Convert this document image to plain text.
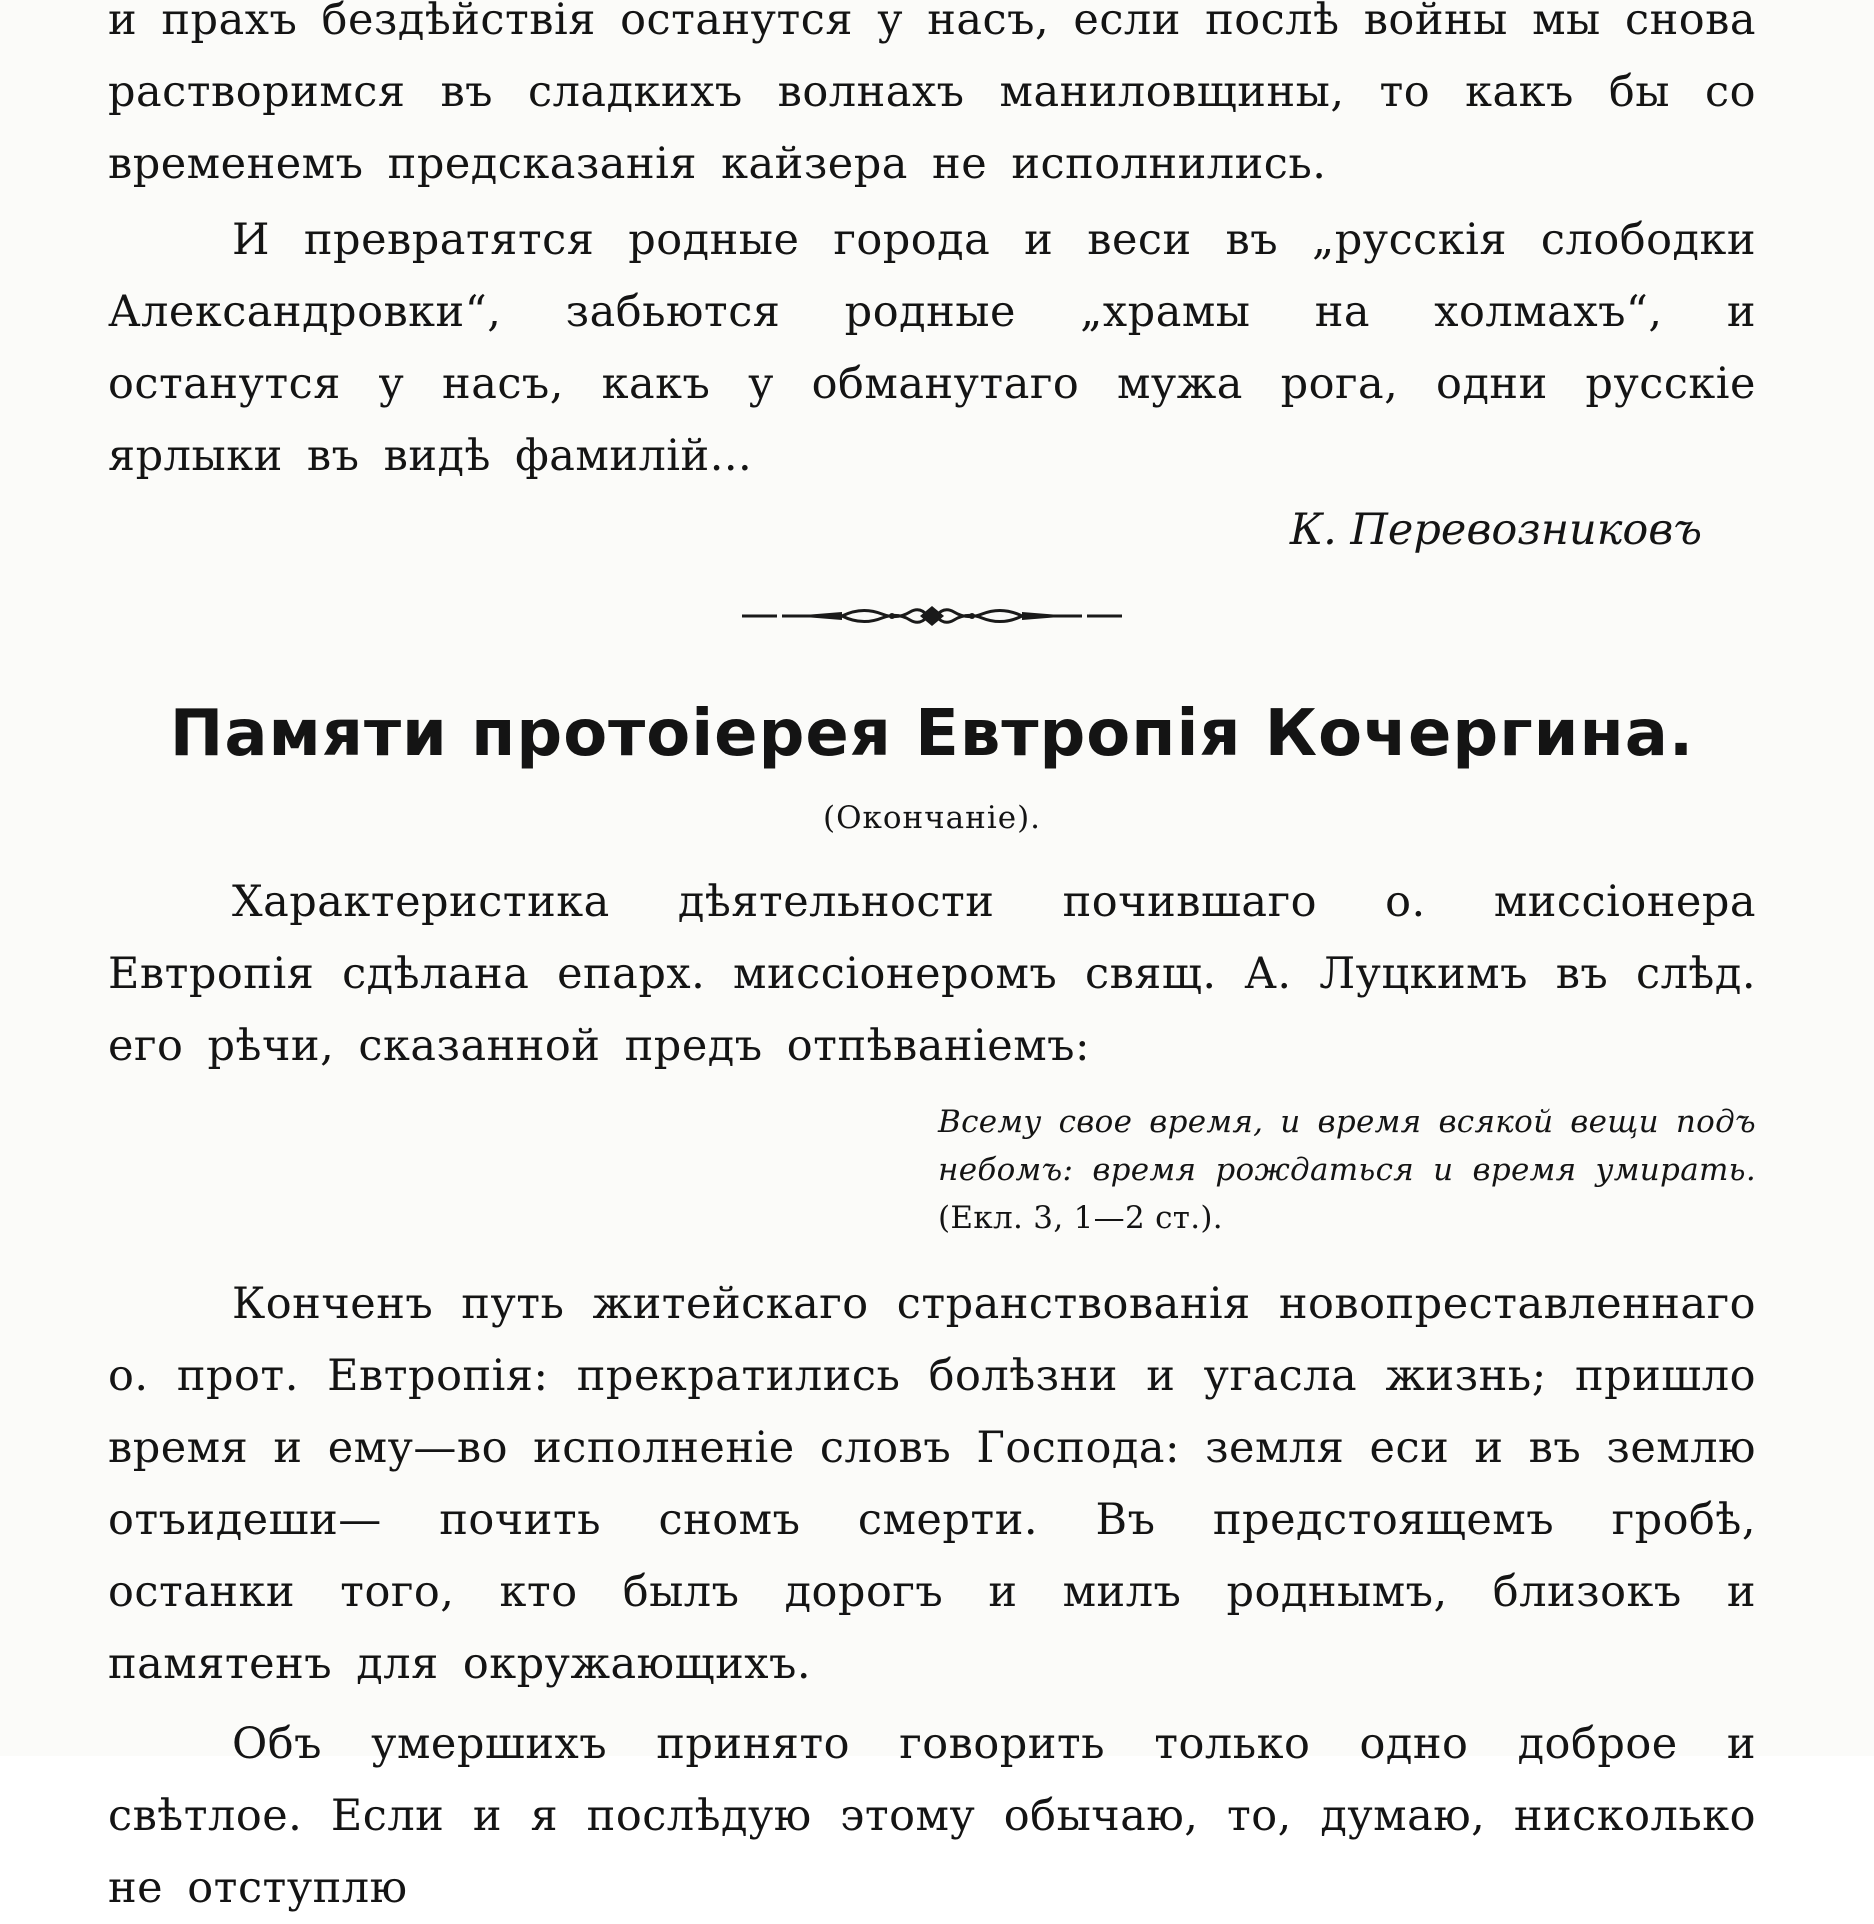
и прахъ бездѣйствія останутся у насъ, если послѣ войны мы снова растворимся въ сладкихъ волнахъ маниловщины, то какъ бы со временемъ предсказанія кайзера не исполнились.

И превратятся родные города и веси въ „русскія слободки Александровки“, забьются родные „храмы на холмахъ“, и останутся у насъ, какъ у обманутаго мужа рога, одни русскіе ярлыки въ видѣ фамилій...

К. Перевозниковъ

Памяти протоіерея Евтропія Кочергина.
(Окончаніе).

Характеристика дѣятельности почившаго о. миссіонера Евтропія сдѣлана епарх. миссіонеромъ свящ. А. Луцкимъ въ слѣд. его рѣчи, сказанной предъ отпѣваніемъ:

Всему свое время, и время всякой вещи подъ небомъ: время рождаться и время умирать. (Екл. 3, 1—2 ст.).

Конченъ путь житейскаго странствованія новопреставленнаго о. прот. Евтропія: прекратились болѣзни и угасла жизнь; пришло время и ему—во исполненіе словъ Господа: земля еси и въ землю отъидеши— почить сномъ смерти. Въ предстоящемъ гробѣ, останки того, кто былъ дорогъ и милъ роднымъ, близокъ и памятенъ для окружающихъ.

Объ умершихъ принято говорить только одно доброе и свѣтлое. Если и я послѣдую этому обычаю, то, думаю, нисколько не отступлю
